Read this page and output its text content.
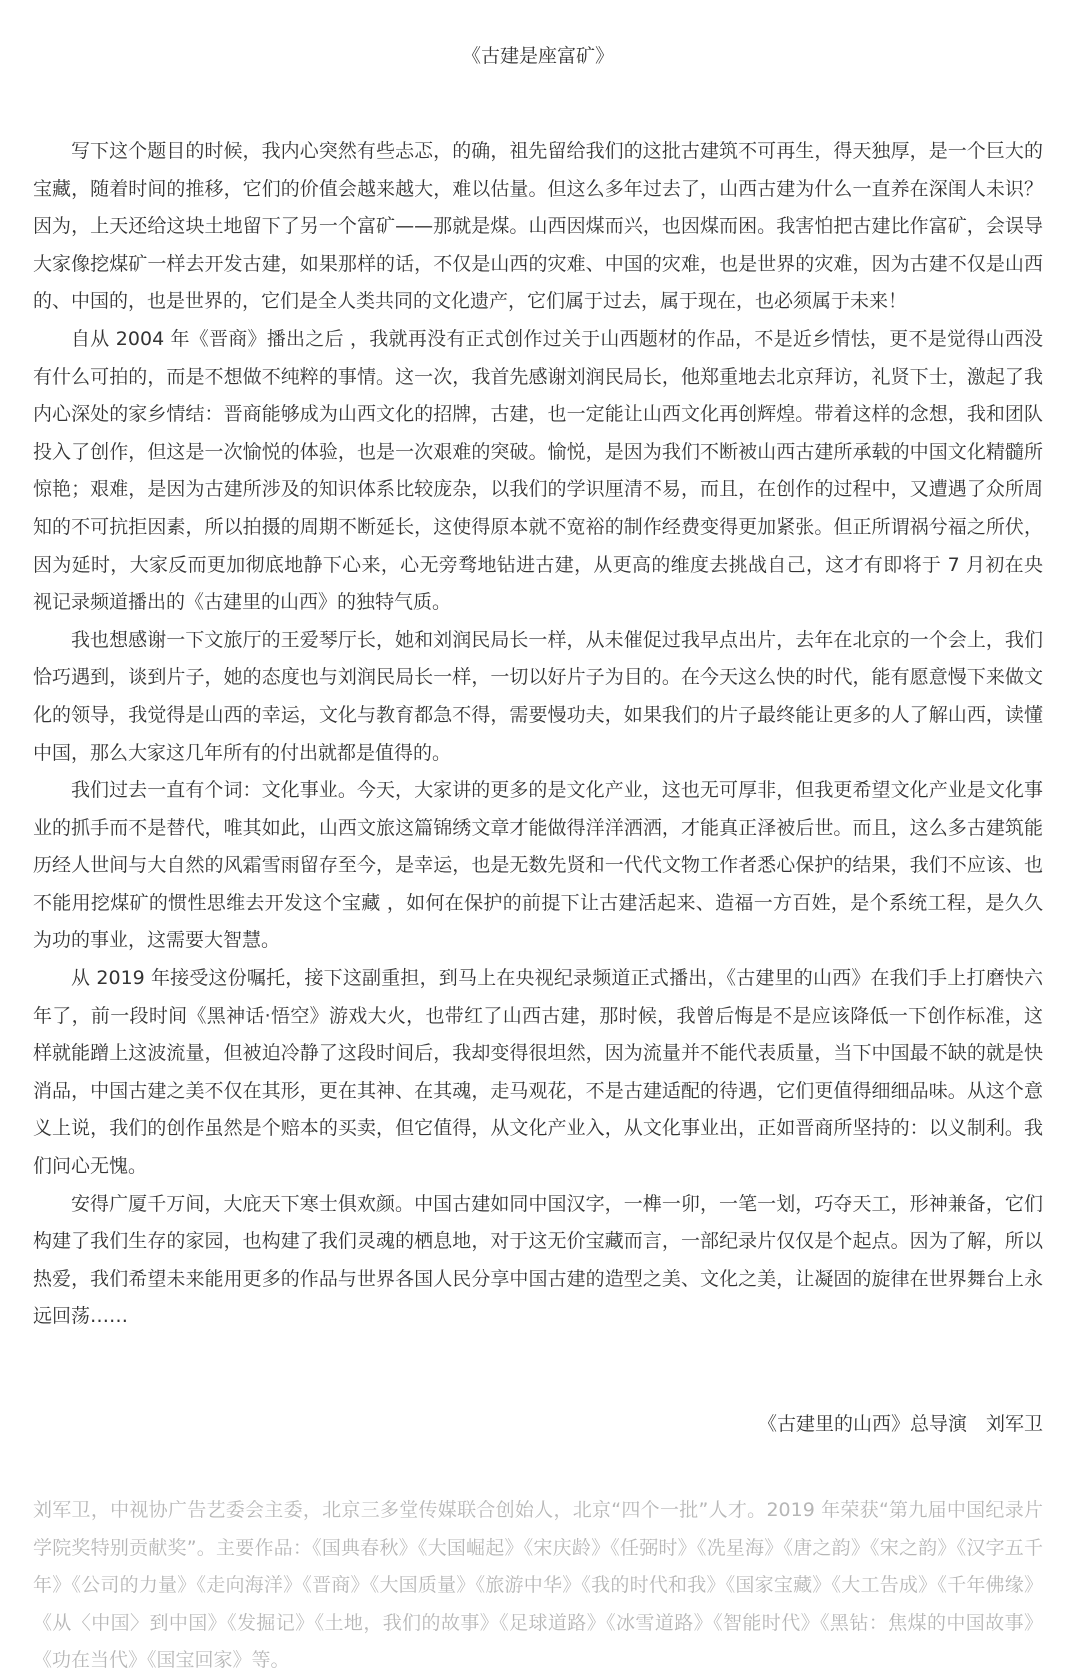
《古建是座富矿》

写下这个题目的时候，我内心突然有些忐忑，的确，祖先留给我们的这批古建筑不可再生，得天独厚，是一个巨大的宝藏，随着时间的推移，它们的价值会越来越大，难以估量。但这么多年过去了，山西古建为什么一直养在深闺人未识？因为，上天还给这块土地留下了另一个富矿——那就是煤。山西因煤而兴，也因煤而困。我害怕把古建比作富矿，会误导大家像挖煤矿一样去开发古建，如果那样的话，不仅是山西的灾难、中国的灾难，也是世界的灾难，因为古建不仅是山西的、中国的，也是世界的，它们是全人类共同的文化遗产，它们属于过去，属于现在，也必须属于未来！

自从 2004 年《晋商》播出之后 ，我就再没有正式创作过关于山西题材的作品，不是近乡情怯，更不是觉得山西没有什么可拍的，而是不想做不纯粹的事情。这一次，我首先感谢刘润民局长，他郑重地去北京拜访，礼贤下士，激起了我内心深处的家乡情结：晋商能够成为山西文化的招牌，古建，也一定能让山西文化再创辉煌。带着这样的念想，我和团队投入了创作，但这是一次愉悦的体验，也是一次艰难的突破。愉悦，是因为我们不断被山西古建所承载的中国文化精髓所惊艳；艰难，是因为古建所涉及的知识体系比较庞杂，以我们的学识厘清不易，而且，在创作的过程中，又遭遇了众所周知的不可抗拒因素，所以拍摄的周期不断延长，这使得原本就不宽裕的制作经费变得更加紧张。但正所谓祸兮福之所伏，因为延时，大家反而更加彻底地静下心来，心无旁骛地钻进古建，从更高的维度去挑战自己，这才有即将于 7 月初在央视记录频道播出的《古建里的山西》的独特气质。

我也想感谢一下文旅厅的王爱琴厅长，她和刘润民局长一样，从未催促过我早点出片，去年在北京的一个会上，我们恰巧遇到，谈到片子，她的态度也与刘润民局长一样，一切以好片子为目的。在今天这么快的时代，能有愿意慢下来做文化的领导，我觉得是山西的幸运，文化与教育都急不得，需要慢功夫，如果我们的片子最终能让更多的人了解山西，读懂中国，那么大家这几年所有的付出就都是值得的。

我们过去一直有个词：文化事业。今天，大家讲的更多的是文化产业，这也无可厚非，但我更希望文化产业是文化事业的抓手而不是替代，唯其如此，山西文旅这篇锦绣文章才能做得洋洋洒洒，才能真正泽被后世。而且，这么多古建筑能历经人世间与大自然的风霜雪雨留存至今，是幸运，也是无数先贤和一代代文物工作者悉心保护的结果，我们不应该、也不能用挖煤矿的惯性思维去开发这个宝藏 ，如何在保护的前提下让古建活起来、造福一方百姓，是个系统工程，是久久为功的事业，这需要大智慧。

从 2019 年接受这份嘱托，接下这副重担，到马上在央视纪录频道正式播出，《古建里的山西》在我们手上打磨快六年了，前一段时间《黑神话·悟空》游戏大火，也带红了山西古建，那时候，我曾后悔是不是应该降低一下创作标准，这样就能蹭上这波流量，但被迫冷静了这段时间后，我却变得很坦然，因为流量并不能代表质量，当下中国最不缺的就是快消品，中国古建之美不仅在其形，更在其神、在其魂，走马观花，不是古建适配的待遇，它们更值得细细品味。从这个意义上说，我们的创作虽然是个赔本的买卖，但它值得，从文化产业入，从文化事业出，正如晋商所坚持的：以义制利。我们问心无愧。

安得广厦千万间，大庇天下寒士俱欢颜。中国古建如同中国汉字，一榫一卯，一笔一划，巧夺天工，形神兼备，它们构建了我们生存的家园，也构建了我们灵魂的栖息地，对于这无价宝藏而言，一部纪录片仅仅是个起点。因为了解，所以热爱，我们希望未来能用更多的作品与世界各国人民分享中国古建的造型之美、文化之美，让凝固的旋律在世界舞台上永远回荡……

《古建里的山西》总导演　刘军卫

刘军卫，中视协广告艺委会主委，北京三多堂传媒联合创始人，北京“四个一批”人才。2019 年荣获“第九届中国纪录片学院奖特别贡献奖”。主要作品：《国典春秋》《大国崛起》《宋庆龄》《任弼时》《冼星海》《唐之韵》《宋之韵》《汉字五千年》《公司的力量》《走向海洋》《晋商》《大国质量》《旅游中华》《我的时代和我》《国家宝藏》《大工告成》《千年佛缘》《从〈中国〉到中国》《发掘记》《土地，我们的故事》《足球道路》《冰雪道路》《智能时代》《黑钻：焦煤的中国故事》《功在当代》《国宝回家》等。
